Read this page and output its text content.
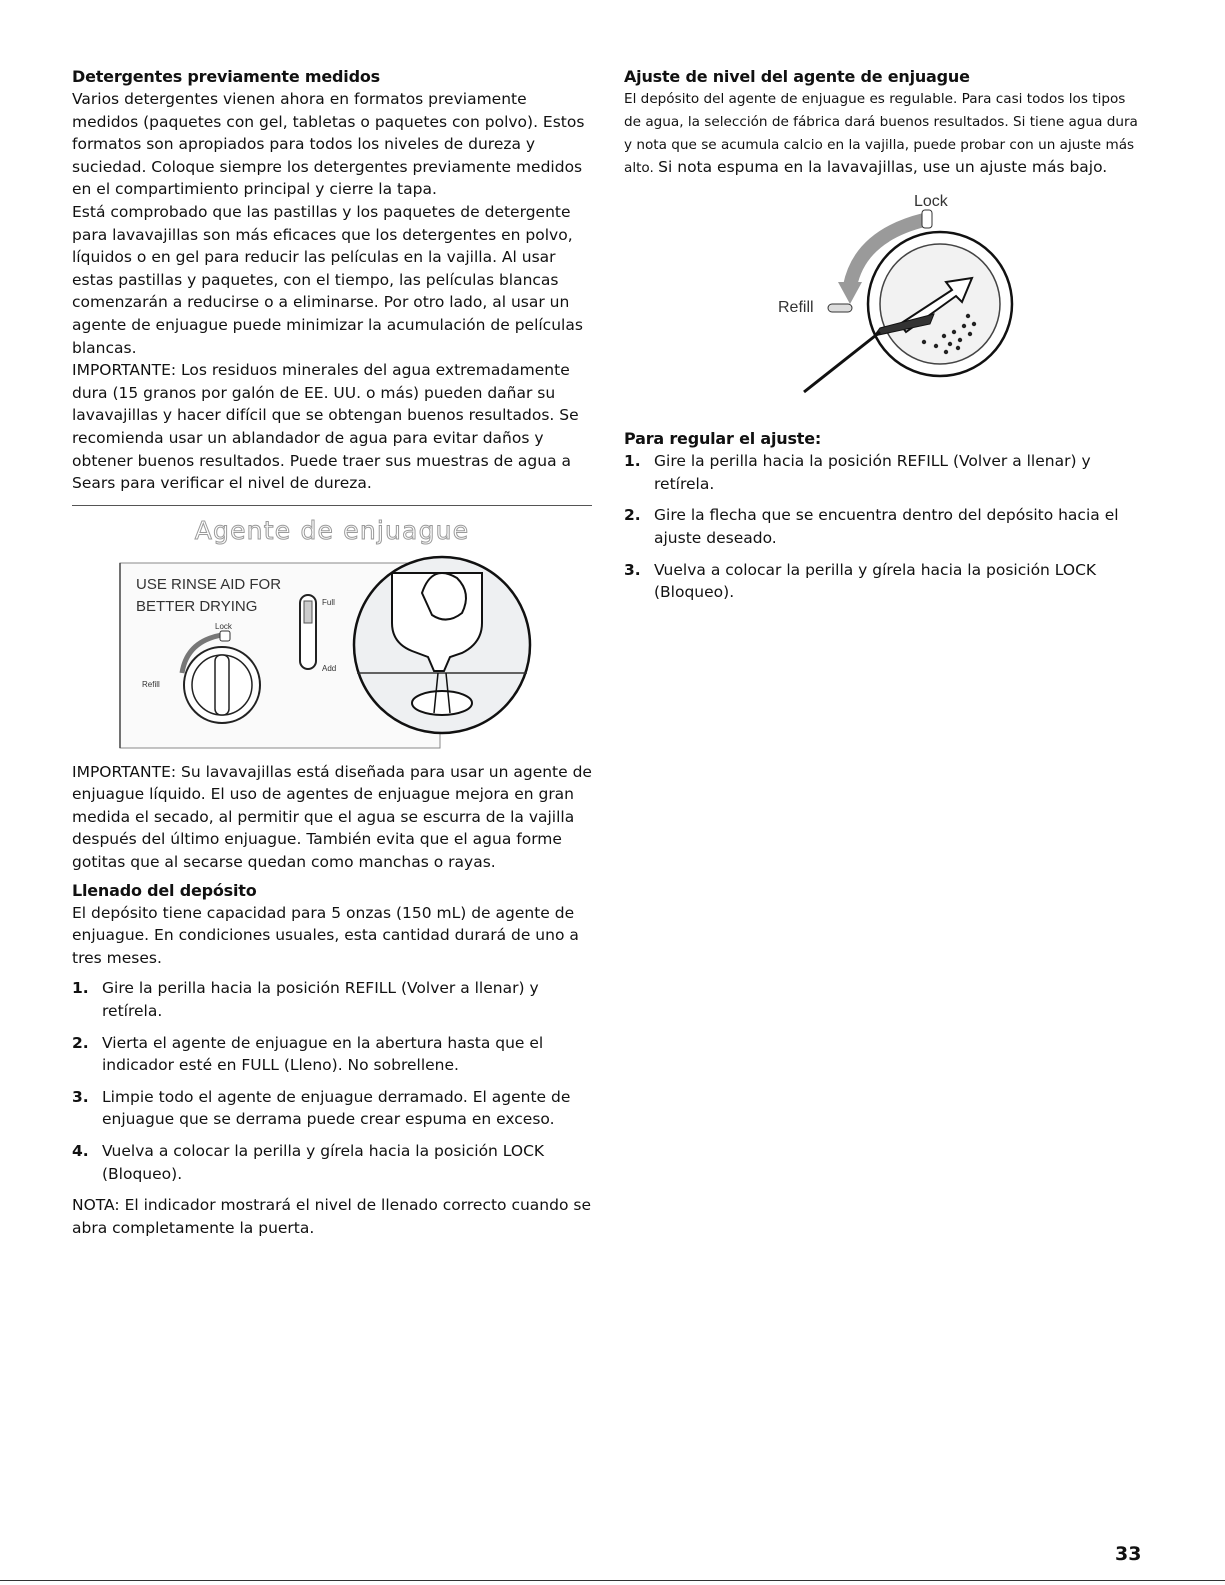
Detergentes previamente medidos

Varios detergentes vienen ahora en formatos previamente medidos (paquetes con gel, tabletas o paquetes con polvo). Estos formatos son apropiados para todos los niveles de dureza y suciedad. Coloque siempre los detergentes previamente medidos en el compartimiento principal y cierre la tapa.

Está comprobado que las pastillas y los paquetes de detergente para lavavajillas son más eficaces que los detergentes en polvo, líquidos o en gel para reducir las películas en la vajilla. Al usar estas pastillas y paquetes, con el tiempo, las películas blancas comenzarán a reducirse o a eliminarse. Por otro lado, al usar un agente de enjuague puede minimizar la acumulación de películas blancas.

IMPORTANTE: Los residuos minerales del agua extremadamente dura (15 granos por galón de EE. UU. o más) pueden dañar su lavavajillas y hacer difícil que se obtengan buenos resultados. Se recomienda usar un ablandador de agua para evitar daños y obtener buenos resultados. Puede traer sus muestras de agua a Sears para verificar el nivel de dureza.

Agente de enjuague
USE RINSE AID FOR
BETTER DRYING
Lock
Refill
Full
Add

IMPORTANTE: Su lavavajillas está diseñada para usar un agente de enjuague líquido. El uso de agentes de enjuague mejora en gran medida el secado, al permitir que el agua se escurra de la vajilla después del último enjuague. También evita que el agua forme gotitas que al secarse quedan como manchas o rayas.

Llenado del depósito

El depósito tiene capacidad para 5 onzas (150 mL) de agente de enjuague. En condiciones usuales, esta cantidad durará de uno a tres meses.

1. Gire la perilla hacia la posición REFILL (Volver a llenar) y retírela.
2. Vierta el agente de enjuague en la abertura hasta que el indicador esté en FULL (Lleno). No sobrellene.
3. Limpie todo el agente de enjuague derramado. El agente de enjuague que se derrama puede crear espuma en exceso.
4. Vuelva a colocar la perilla y gírela hacia la posición LOCK (Bloqueo).

NOTA: El indicador mostrará el nivel de llenado correcto cuando se abra completamente la puerta.

Ajuste de nivel del agente de enjuague

El depósito del agente de enjuague es regulable. Para casi todos los tipos de agua, la selección de fábrica dará buenos resultados. Si tiene agua dura y nota que se acumula calcio en la vajilla, puede probar con un ajuste más alto. Si nota espuma en la lavavajillas, use un ajuste más bajo.

Lock
Refill
Para regular el ajuste:
1. Gire la perilla hacia la posición REFILL (Volver a llenar) y retírela.
2. Gire la flecha que se encuentra dentro del depósito hacia el ajuste deseado.
3. Vuelva a colocar la perilla y gírela hacia la posición LOCK (Bloqueo).
33
